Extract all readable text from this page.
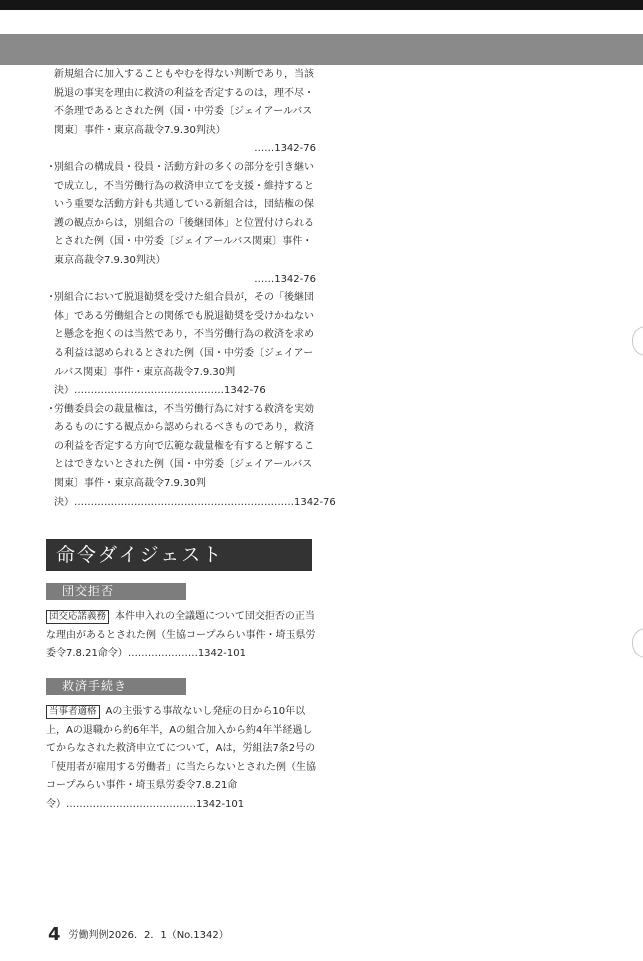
新規組合に加入することもやむを得ない判断であり，当該脱退の事実を理由に救済の利益を否定するのは，理不尽・不条理であるとされた例（国・中労委〔ジェイアールバス関東〕事件・東京高裁令7.9.30判決）
……1342-76

・
別組合の構成員・役員・活動方針の多くの部分を引き継いで成立し，不当労働行為の救済申立てを支援・維持するという重要な活動方針も共通している新組合は，団結権の保護の観点からは，別組合の「後継団体」と位置付けられるとされた例（国・中労委〔ジェイアールバス関東〕事件・東京高裁令7.9.30判決）
……1342-76

・
別組合において脱退勧奨を受けた組合員が，その「後継団体」である労働組合との関係でも脱退勧奨を受けかねないと懸念を抱くのは当然であり，不当労働行為の救済を求める利益は認められるとされた例（国・中労委〔ジェイアールバス関東〕事件・東京高裁令7.9.30判決）………………………………………1342-76

・
労働委員会の裁量権は，不当労働行為に対する救済を実効あるものにする観点から認められるべきものであり，救済の利益を否定する方向で広範な裁量権を有すると解することはできないとされた例（国・中労委〔ジェイアールバス関東〕事件・東京高裁令7.9.30判決）…………………………………………………………1342-76

命令ダイジェスト
団交拒否

団交応諾義務 本件申入れの全議題について団交拒否の正当な理由があるとされた例（生協コープみらい事件・埼玉県労委令7.8.21命令）…………………1342-101

救済手続き

当事者適格 Aの主張する事故ないし発症の日から10年以上，Aの退職から約6年半，Aの組合加入から約4年半経過してからなされた救済申立てについて，Aは，労組法7条2号の「使用者が雇用する労働者」に当たらないとされた例（生協コープみらい事件・埼玉県労委令7.8.21命令）…………………………………1342-101

4 労働判例2026．2．1（No.1342）
